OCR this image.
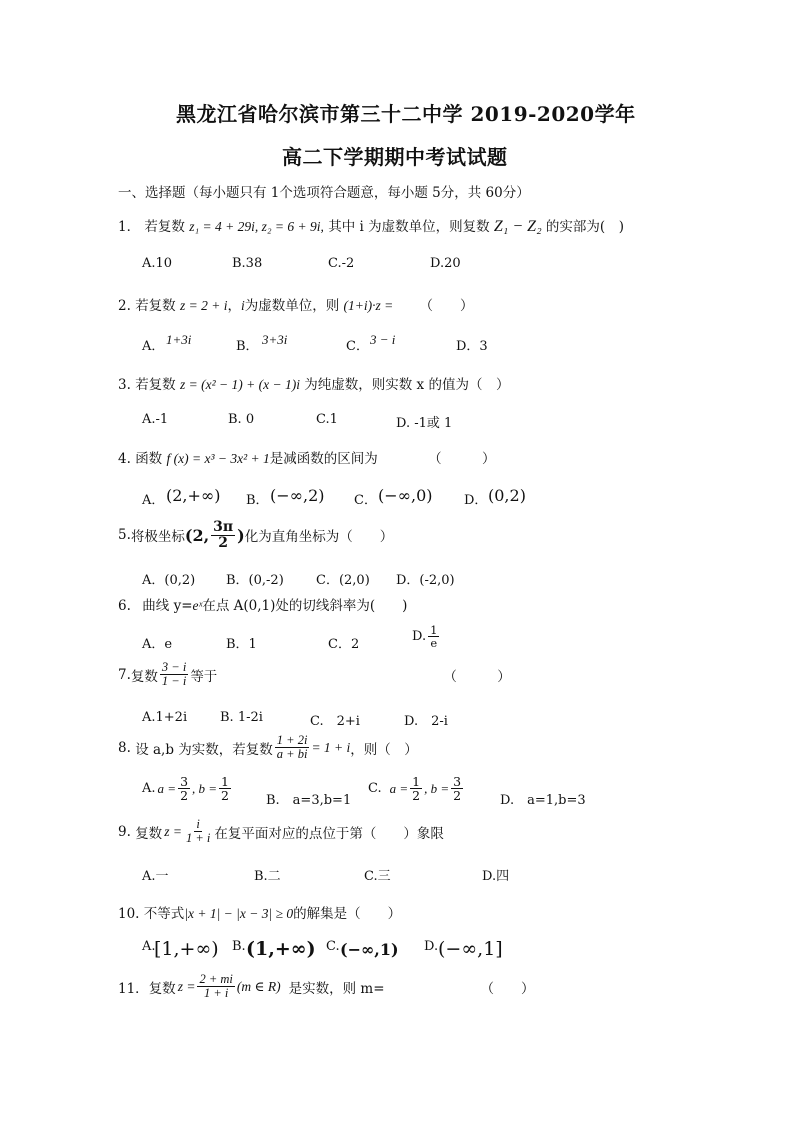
黑龙江省哈尔滨市第三十二中学 2019-2020学年
高二下学期期中考试试题
一、选择题（每小题只有 1个选项符合题意，每小题 5分，共 60分）
1． 若复数 z₁ = 4 + 29i, z₂ = 6 + 9i, 其中 i 为虚数单位，则复数 Z₁ − Z₂ 的实部为(　)
A.10	B.38	C.-2	D.20
2. 若复数 z = 2 + i，i为虚数单位，则 (1+i)·z = （　　）
A． 1+3i	B． 3+3i	C． 3 − i	D．3
3. 若复数 z = (x² − 1) + (x − 1)i 为纯虚数，则实数 x 的值为（　）
A.-1	B. 0	C.1	D. -1或 1
4. 函数 f (x) = x³ − 3x² + 1是减函数的区间为	（　　　）
A． (2,+∞) B． (−∞,2) C． (−∞,0) D． (0,2)
5. 将极坐标 (2, $\frac{3\pi}{2}$ ) 化为直角坐标为（　　）
A．(0,2) B．(0,-2) C．(2,0) D．(-2,0)
6. 曲线 y=eˣ在点 A(0,1)处的切线斜率为(　　)
A．e	B．1	C．2
D. $\frac{1}{e}$
7. 复数 $\frac{3 - i}{1 - i}$ 等于	（　　　）
A.1+2i	B. 1-2i	C.　2+i	D.　2-i
8.
设 a,b 为实数，若复数 $\frac{1 + 2i}{a + bi} = 1 + i$ ，则（　）
A. $a = \frac{3}{2}$ , $b = \frac{1}{2}$	B.　a=3,b=1
C. $a = \frac{1}{2}$ , $b = \frac{3}{2}$	D.　a=1,b=3
9.
复数 $z = \frac{i}{1 + i}$ 在复平面对应的点位于第（　　）象限
A.一	B.二	C.三	D.四
10. 不等式|x + 1| − |x − 3| ≥ 0的解集是（　　）
A.
[1,+∞) B. (1,+∞) C. (−∞,1) D. (−∞,1]
11． 复数 $z = \frac{2 + mi}{1 + i} (m$ ∈ R) 是实数，则 m=	（　　）
